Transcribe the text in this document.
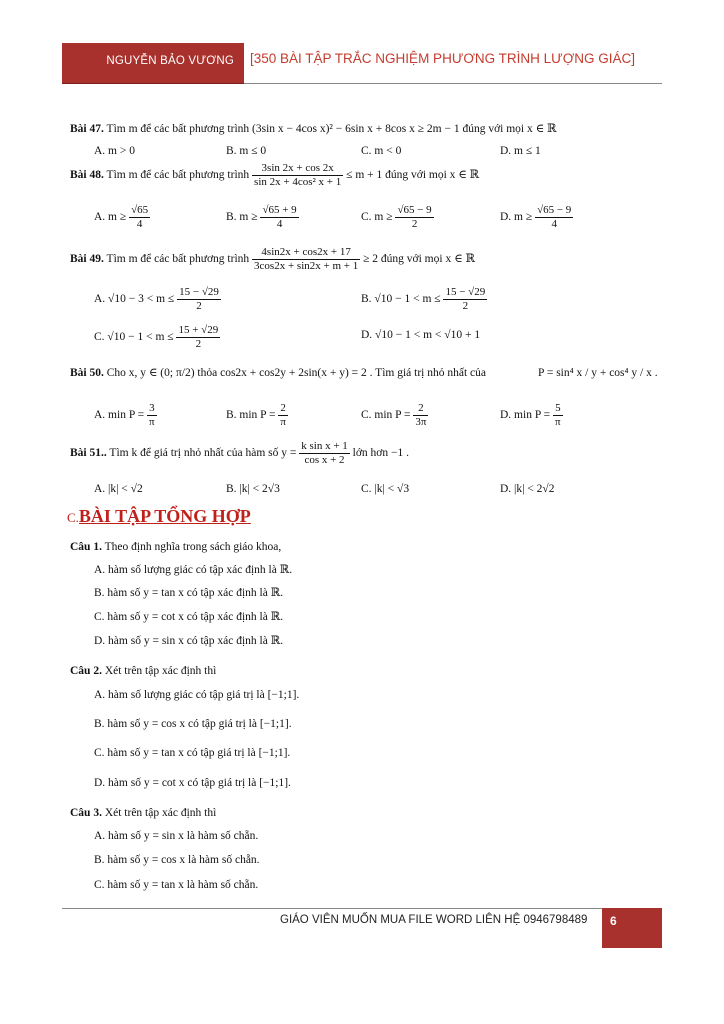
NGUYỄN BẢO VƯƠNG [350 BÀI TẬP TRẮC NGHIỆM PHƯƠNG TRÌNH LƯỢNG GIÁC]
Bài 47. Tìm m để các bất phương trình (3sin x − 4cos x)² − 6sin x + 8cos x ≥ 2m − 1 đúng với mọi x ∈ ℝ
A. m > 0	B. m ≤ 0	C. m < 0	D. m ≤ 1
Bài 48. Tìm m để các bất phương trình $\frac{3\sin 2x + \cos 2x}{\text{sin 2x + 4cos² x + 1}} \le m + 1$ đúng với mọi x ∈ ℝ
A. $m \ge \frac{√65}{4}$	B. $m \ge \frac{√65 + 9}{4}$	C. $m \ge \frac{√65 - 9}{2}$	D. $m \ge \frac{√65 - 9}{4}$
Bài 49. Tìm m để các bất phương trình $\frac{4\sin 2x + \cos 2x + 17}{3\cos 2x + \sin 2x + m + 1} \ge 2$ đúng với mọi x ∈ ℝ
A. $√10 - 3 < m \le \frac{15 - √29}{2}$	B. $√10 - 1 < m \le \frac{15 - √29}{2}$
C. $√10 - 1 < m \le \frac{15 + √29}{2}$	D. √10 − 1 < m < √10 + 1
Bài 50. Cho x, y ∈ (0; π/2) thỏa cos2x + cos2y + 2sin(x + y) = 2 . Tìm giá trị nhỏ nhất của	P = sin⁴ x / y + cos⁴ y / x .
A. $\min P = \frac{3}{\pi}$	B. $\min P = \frac{2}{\pi}$	C. $\min P = \frac{2}{3\pi}$	D. $\min P = \frac{5}{\pi}$
Bài 51.. Tìm k để giá trị nhỏ nhất của hàm số $y = \frac{\text{k sin x + 1}}{\text{cos x + 2}}$ lớn hơn −1 .
A. |k| < √2	B. |k| < 2√3	C. |k| < √3	D. |k| < 2√2
C.BÀI TẬP TỔNG HỢP
Câu 1. Theo định nghĩa trong sách giáo khoa,
A. hàm số lượng giác có tập xác định là ℝ.
B. hàm số y = tan x có tập xác định là ℝ.
C. hàm số y = cot x có tập xác định là ℝ.
D. hàm số y = sin x có tập xác định là ℝ.
Câu 2. Xét trên tập xác định thì
A. hàm số lượng giác có tập giá trị là [−1;1].
B. hàm số y = cos x có tập giá trị là [−1;1].
C. hàm số y = tan x có tập giá trị là [−1;1].
D. hàm số y = cot x có tập giá trị là [−1;1].
Câu 3. Xét trên tập xác định thì
A. hàm số y = sin x là hàm số chẵn.
B. hàm số y = cos x là hàm số chẵn.
C. hàm số y = tan x là hàm số chẵn.
GIÁO VIÊN MUỐN MUA FILE WORD LIÊN HỆ 0946798489 6
